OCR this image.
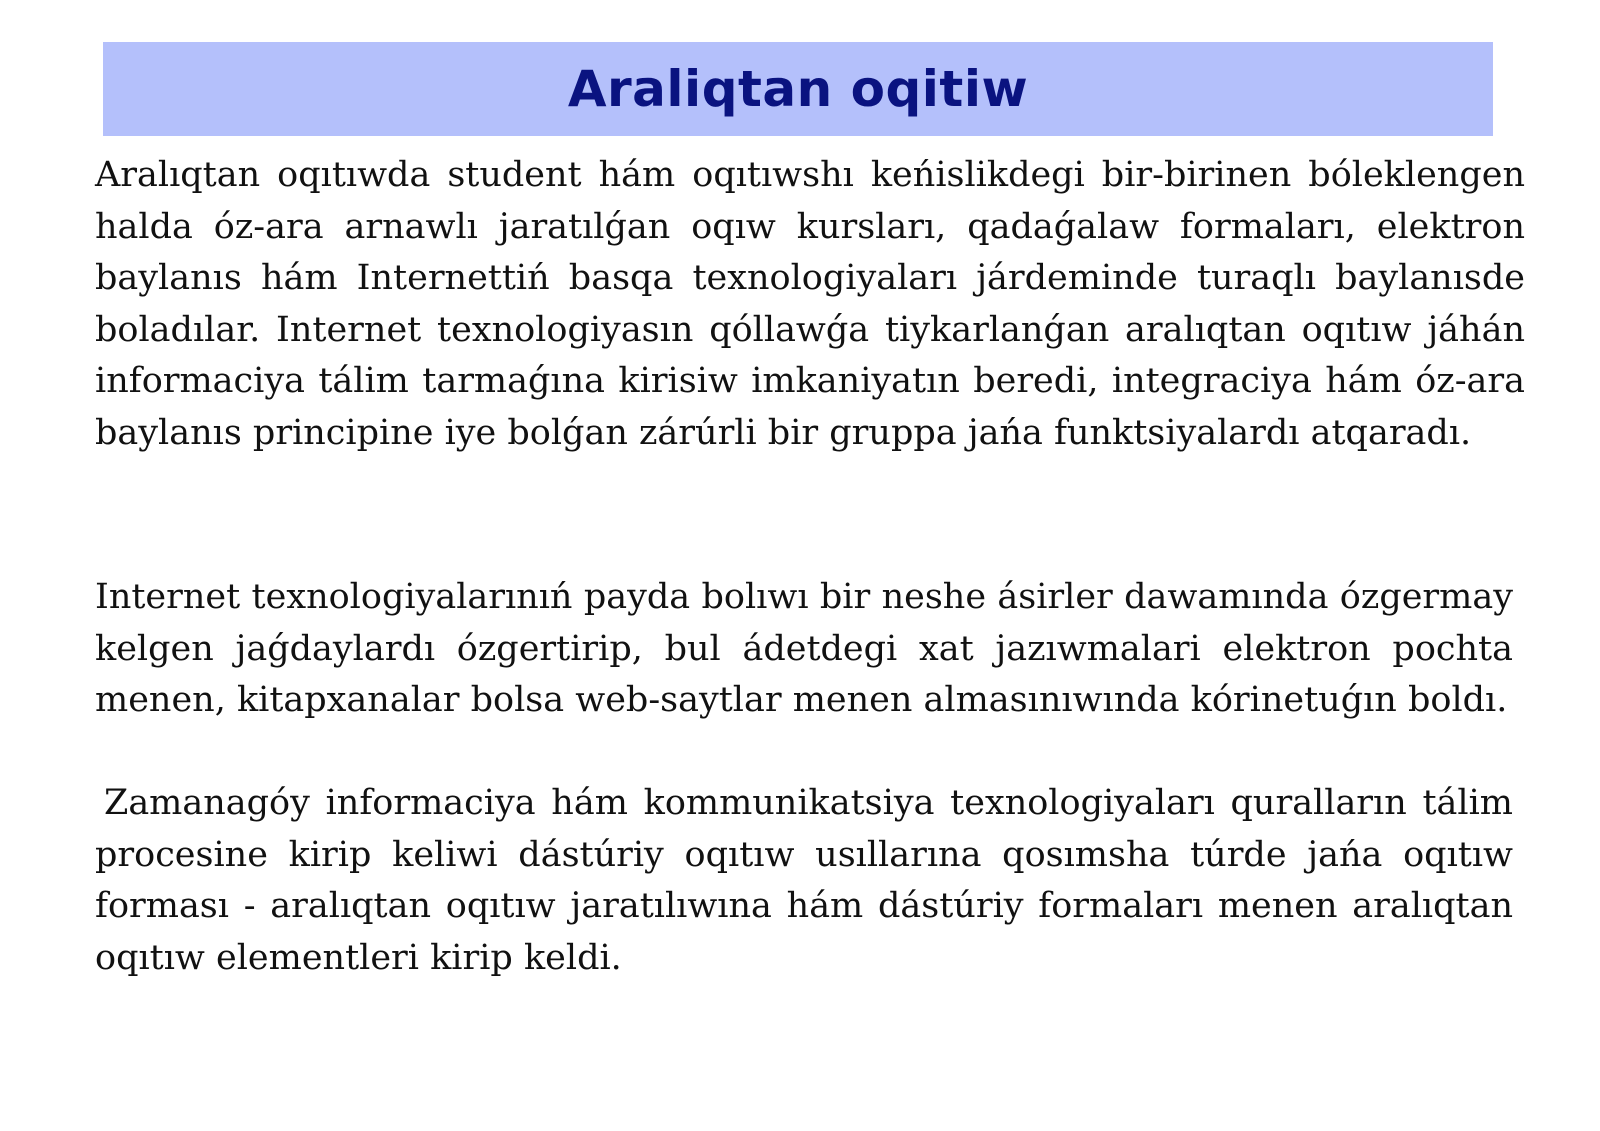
Araliqtan oqitiw

Aralıqtan oqıtıwda student hám oqıtıwshı keńislikdegi bir-birinen bóleklengen halda óz-ara arnawlı jaratılǵan oqıw kursları, qadaǵalaw formaları, elektron baylanıs hám Internettiń basqa texnologiyaları járdeminde turaqlı baylanısde boladılar. Internet texnologiyasın qóllawǵa tiykarlanǵan aralıqtan oqıtıw jáhán informaciya tálim tarmaǵına kirisiw imkaniyatın beredi, integraciya hám óz-ara baylanıs principine iye bolǵan zárúrli bir gruppa jańa funktsiyalardı atqaradı.

Internet texnologiyalarınıń payda bolıwı bir neshe ásirler dawamında ózgermay kelgen jaǵdaylardı ózgertirip, bul ádetdegi xat jazıwmalari elektron pochta menen, kitapxanalar bolsa web-saytlar menen almasınıwında kórinetuǵın boldı.

Zamanagóy informaciya hám kommunikatsiya texnologiyaları quralların tálim procesine kirip keliwi dástúriy oqıtıw usıllarına qosımsha túrde jańa oqıtıw forması - aralıqtan oqıtıw jaratılıwına hám dástúriy formaları menen aralıqtan oqıtıw elementleri kirip keldi.
